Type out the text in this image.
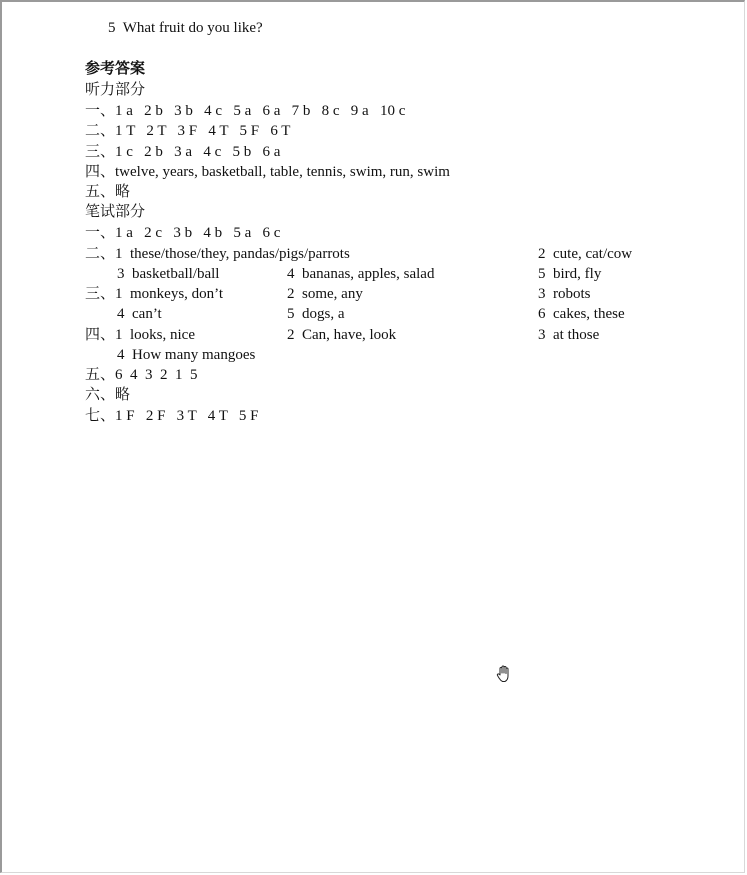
5  What fruit do you like?
参考答案
听力部分
一、1 a   2 b   3 b   4 c   5 a   6 a   7 b   8 c   9 a   10 c
二、1 T   2 T   3 F   4 T   5 F   6 T
三、1 c   2 b   3 a   4 c   5 b   6 a
四、twelve, years, basketball, table, tennis, swim, run, swim
五、略
笔试部分
一、1 a   2 c   3 b   4 b   5 a   6 c
二、1  these/those/they, pandas/pigs/parrots	2  cute, cat/cow
3  basketball/ball	4  bananas, apples, salad	5  bird, fly
三、1  monkeys, don’t	2  some, any	3  robots
4  can’t	5  dogs, a	6  cakes, these
四、1  looks, nice	2  Can, have, look	3  at those
4  How many mangoes
五、6  4  3  2  1  5
六、略
七、1 F   2 F   3 T   4 T   5 F
